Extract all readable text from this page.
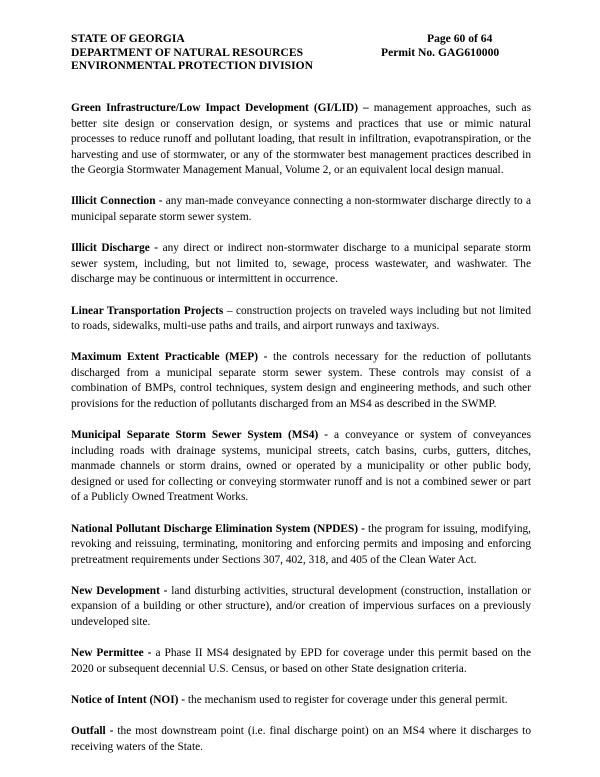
STATE OF GEORGIA	Page 60 of 64
DEPARTMENT OF NATURAL RESOURCES	Permit No. GAG610000
ENVIRONMENTAL PROTECTION DIVISION

Green Infrastructure/Low Impact Development (GI/LID) – management approaches, such as better site design or conservation design, or systems and practices that use or mimic natural processes to reduce runoff and pollutant loading, that result in infiltration, evapotranspiration, or the harvesting and use of stormwater, or any of the stormwater best management practices described in the Georgia Stormwater Management Manual, Volume 2, or an equivalent local design manual.

Illicit Connection - any man-made conveyance connecting a non-stormwater discharge directly to a municipal separate storm sewer system.

Illicit Discharge - any direct or indirect non-stormwater discharge to a municipal separate storm sewer system, including, but not limited to, sewage, process wastewater, and washwater. The discharge may be continuous or intermittent in occurrence.

Linear Transportation Projects – construction projects on traveled ways including but not limited to roads, sidewalks, multi-use paths and trails, and airport runways and taxiways.

Maximum Extent Practicable (MEP) - the controls necessary for the reduction of pollutants discharged from a municipal separate storm sewer system. These controls may consist of a combination of BMPs, control techniques, system design and engineering methods, and such other provisions for the reduction of pollutants discharged from an MS4 as described in the SWMP.

Municipal Separate Storm Sewer System (MS4) - a conveyance or system of conveyances including roads with drainage systems, municipal streets, catch basins, curbs, gutters, ditches, manmade channels or storm drains, owned or operated by a municipality or other public body, designed or used for collecting or conveying stormwater runoff and is not a combined sewer or part of a Publicly Owned Treatment Works.

National Pollutant Discharge Elimination System (NPDES) - the program for issuing, modifying, revoking and reissuing, terminating, monitoring and enforcing permits and imposing and enforcing pretreatment requirements under Sections 307, 402, 318, and 405 of the Clean Water Act.

New Development - land disturbing activities, structural development (construction, installation or expansion of a building or other structure), and/or creation of impervious surfaces on a previously undeveloped site.

New Permittee - a Phase II MS4 designated by EPD for coverage under this permit based on the 2020 or subsequent decennial U.S. Census, or based on other State designation criteria.

Notice of Intent (NOI) - the mechanism used to register for coverage under this general permit.

Outfall - the most downstream point (i.e. final discharge point) on an MS4 where it discharges to receiving waters of the State.
